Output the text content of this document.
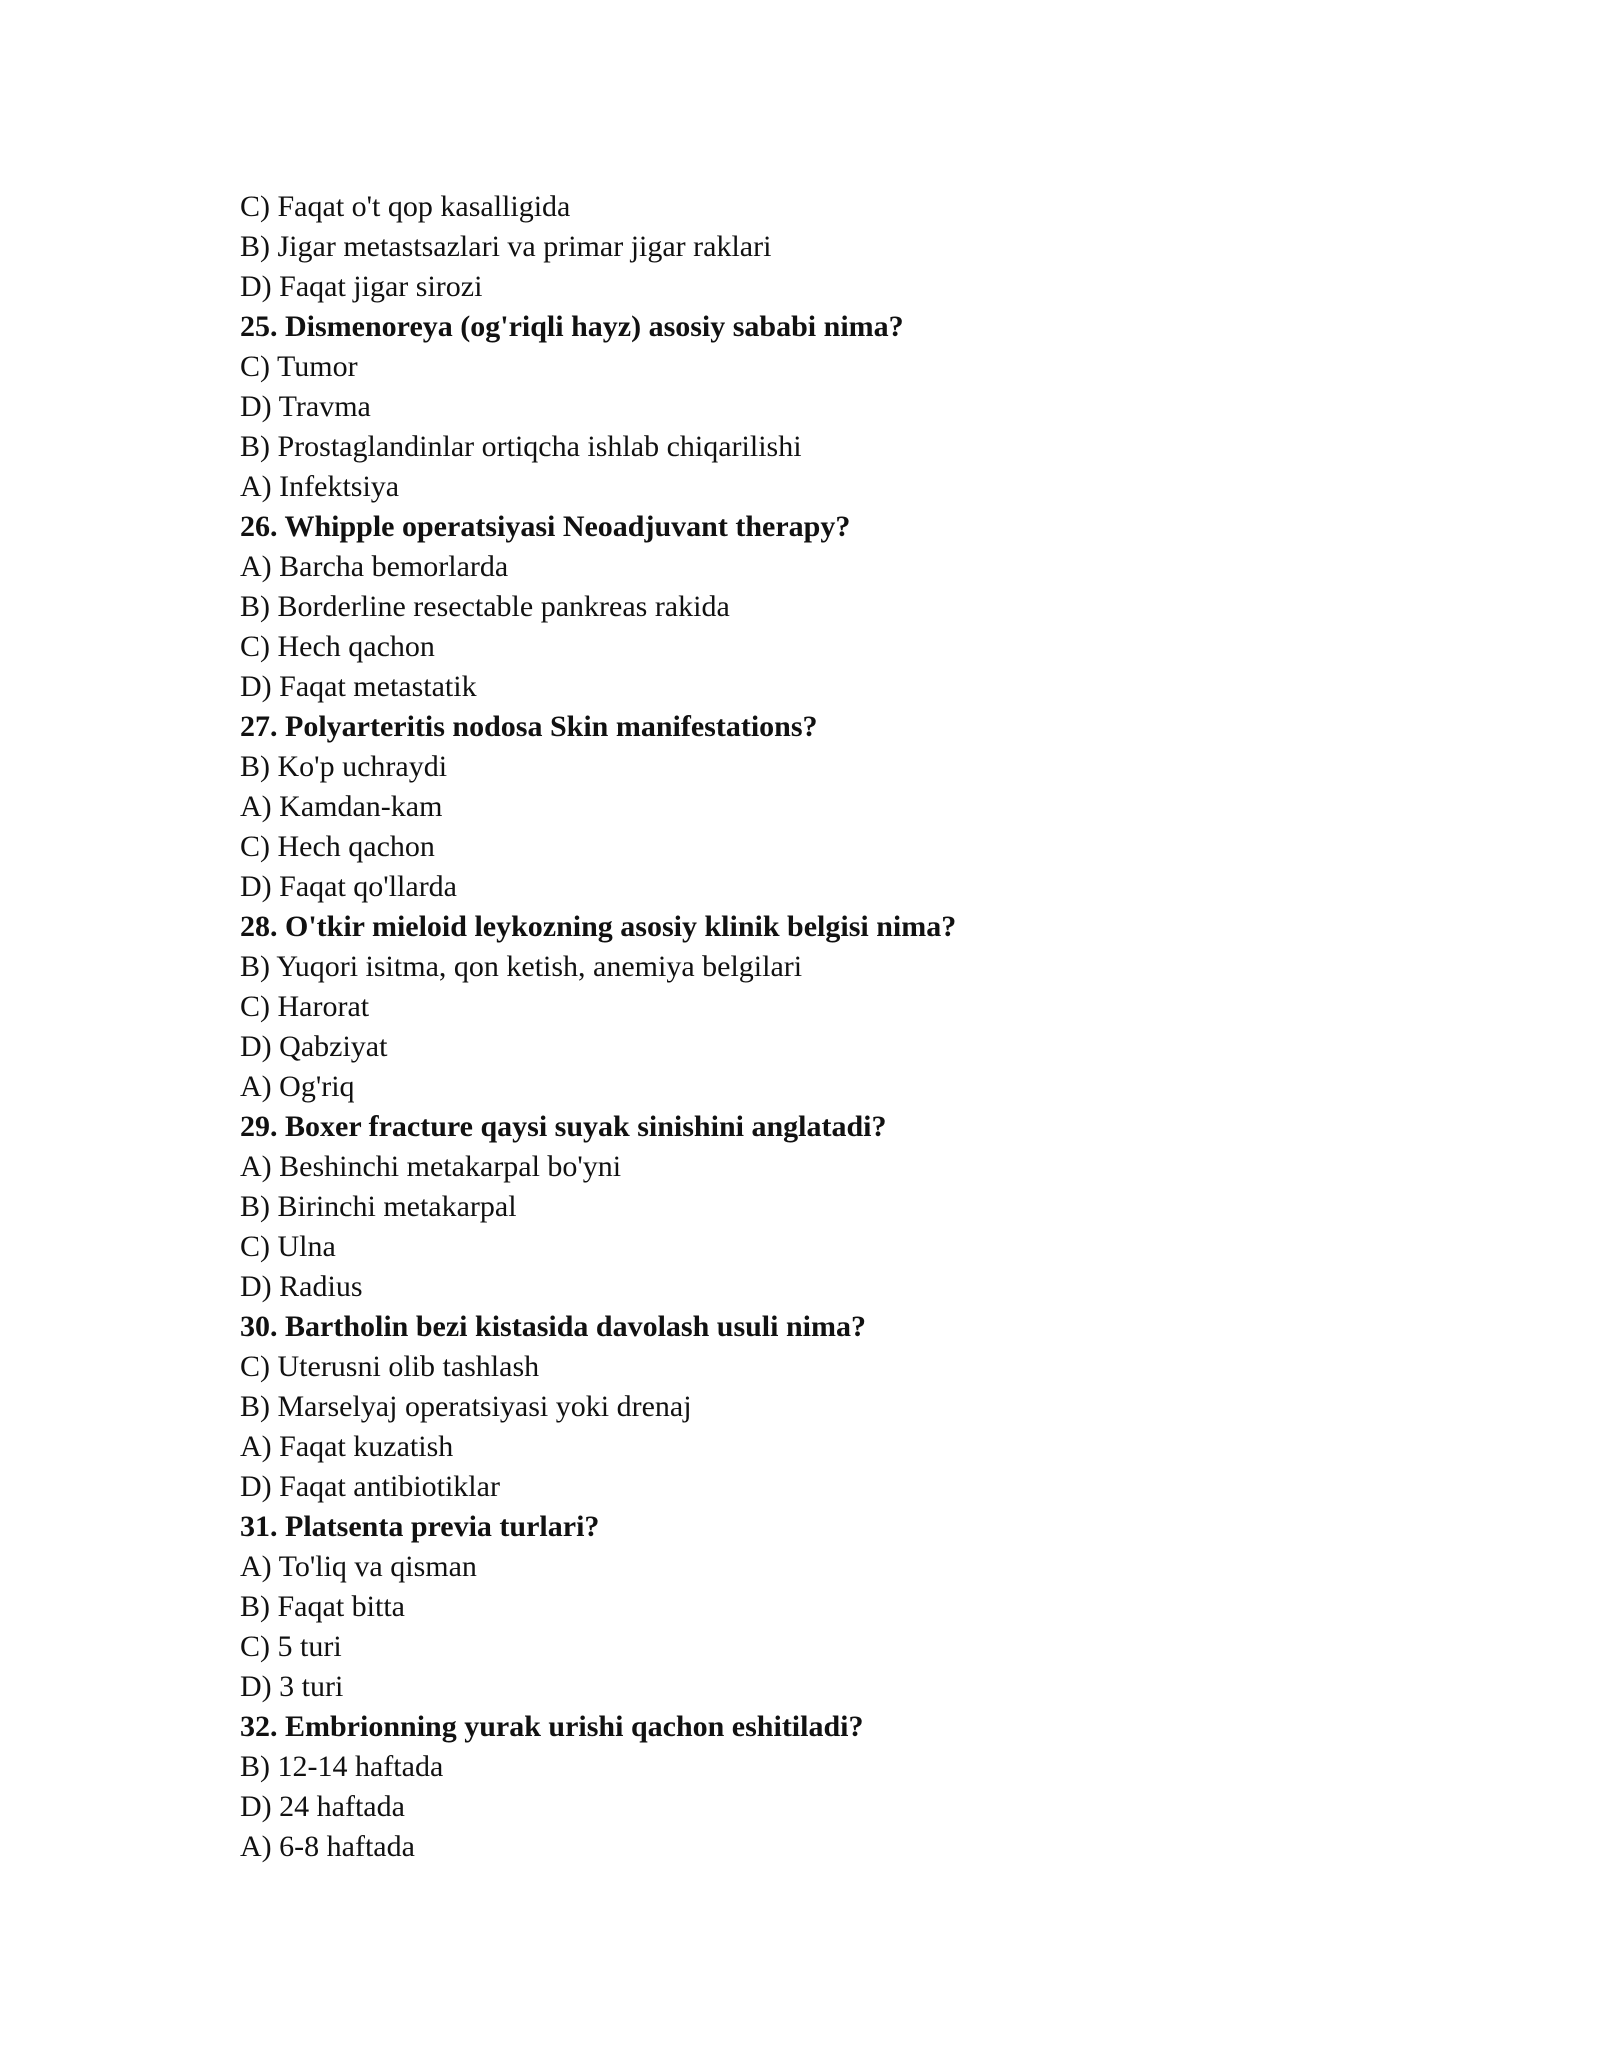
C) Faqat o't qop kasalligida
B) Jigar metastsazlari va primar jigar raklari
D) Faqat jigar sirozi
25. Dismenoreya (og'riqli hayz) asosiy sababi nima?
C) Tumor
D) Travma
B) Prostaglandinlar ortiqcha ishlab chiqarilishi
A) Infektsiya
26. Whipple operatsiyasi Neoadjuvant therapy?
A) Barcha bemorlarda
B) Borderline resectable pankreas rakida
C) Hech qachon
D) Faqat metastatik
27. Polyarteritis nodosa Skin manifestations?
B) Ko'p uchraydi
A) Kamdan-kam
C) Hech qachon
D) Faqat qo'llarda
28. O'tkir mieloid leykozning asosiy klinik belgisi nima?
B) Yuqori isitma, qon ketish, anemiya belgilari
C) Harorat
D) Qabziyat
A) Og'riq
29. Boxer fracture qaysi suyak sinishini anglatadi?
A) Beshinchi metakarpal bo'yni
B) Birinchi metakarpal
C) Ulna
D) Radius
30. Bartholin bezi kistasida davolash usuli nima?
C) Uterusni olib tashlash
B) Marselyaj operatsiyasi yoki drenaj
A) Faqat kuzatish
D) Faqat antibiotiklar
31. Platsenta previa turlari?
A) To'liq va qisman
B) Faqat bitta
C) 5 turi
D) 3 turi
32. Embrionning yurak urishi qachon eshitiladi?
B) 12-14 haftada
D) 24 haftada
A) 6-8 haftada
